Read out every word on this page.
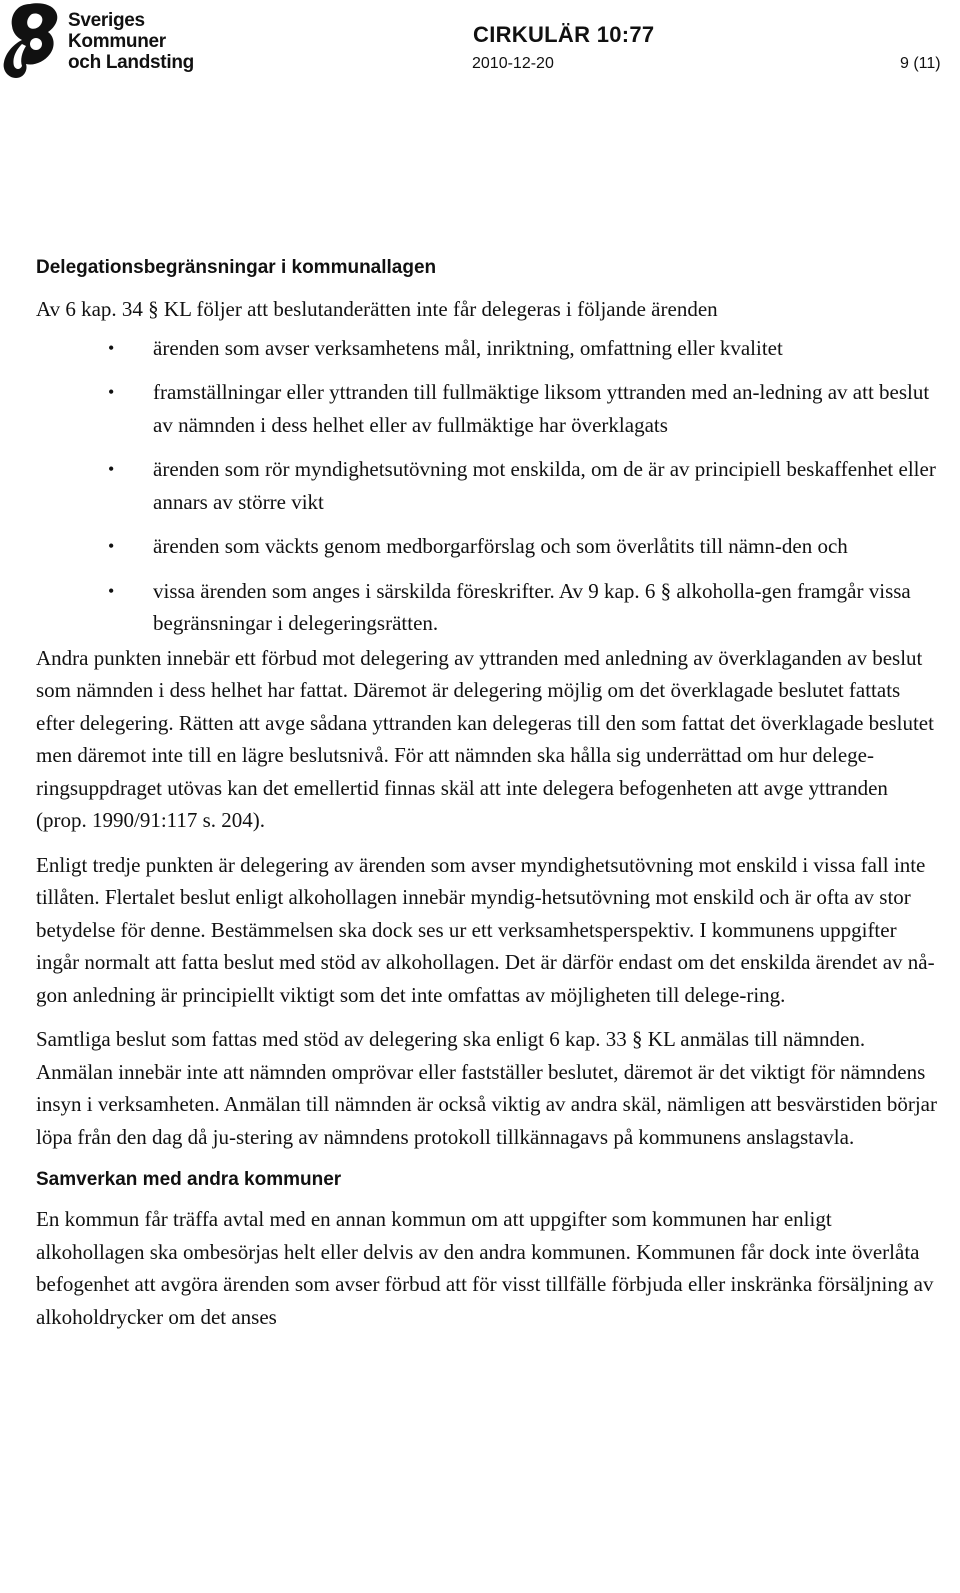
Sveriges
Kommuner
och Landsting
CIRKULÄR 10:77
2010-12-20	9 (11)
Delegationsbegränsningar i kommunallagen

Av 6 kap. 34 § KL följer att beslutanderätten inte får delegeras i följande ärenden

• ärenden som avser verksamhetens mål, inriktning, omfattning eller kvalitet
• framställningar eller yttranden till fullmäktige liksom yttranden med an-ledning av att beslut av nämnden i dess helhet eller av fullmäktige har överklagats
• ärenden som rör myndighetsutövning mot enskilda, om de är av principiell beskaffenhet eller annars av större vikt
• ärenden som väckts genom medborgarförslag och som överlåtits till nämn-den och
• vissa ärenden som anges i särskilda föreskrifter. Av 9 kap. 6 § alkoholla-gen framgår vissa begränsningar i delegeringsrätten.

Andra punkten innebär ett förbud mot delegering av yttranden med anledning av överklaganden av beslut som nämnden i dess helhet har fattat. Däremot är delegering möjlig om det överklagade beslutet fattats efter delegering. Rätten att avge sådana yttranden kan delegeras till den som fattat det överklagade beslutet men däremot inte till en lägre beslutsnivå. För att nämnden ska hålla sig underrättad om hur delege-ringsuppdraget utövas kan det emellertid finnas skäl att inte delegera befogenheten att avge yttranden (prop. 1990/91:117 s. 204).

Enligt tredje punkten är delegering av ärenden som avser myndighetsutövning mot enskild i vissa fall inte tillåten. Flertalet beslut enligt alkohollagen innebär myndig-hetsutövning mot enskild och är ofta av stor betydelse för denne. Bestämmelsen ska dock ses ur ett verksamhetsperspektiv. I kommunens uppgifter ingår normalt att fatta beslut med stöd av alkohollagen. Det är därför endast om det enskilda ärendet av nå-gon anledning är principiellt viktigt som det inte omfattas av möjligheten till delege-ring.

Samtliga beslut som fattas med stöd av delegering ska enligt 6 kap. 33 § KL anmälas till nämnden. Anmälan innebär inte att nämnden omprövar eller fastställer beslutet, däremot är det viktigt för nämndens insyn i verksamheten. Anmälan till nämnden är också viktig av andra skäl, nämligen att besvärstiden börjar löpa från den dag då ju-stering av nämndens protokoll tillkännagavs på kommunens anslagstavla.

Samverkan med andra kommuner

En kommun får träffa avtal med en annan kommun om att uppgifter som kommunen har enligt alkohollagen ska ombesörjas helt eller delvis av den andra kommunen. Kommunen får dock inte överlåta befogenhet att avgöra ärenden som avser förbud att för visst tillfälle förbjuda eller inskränka försäljning av alkoholdrycker om det anses
